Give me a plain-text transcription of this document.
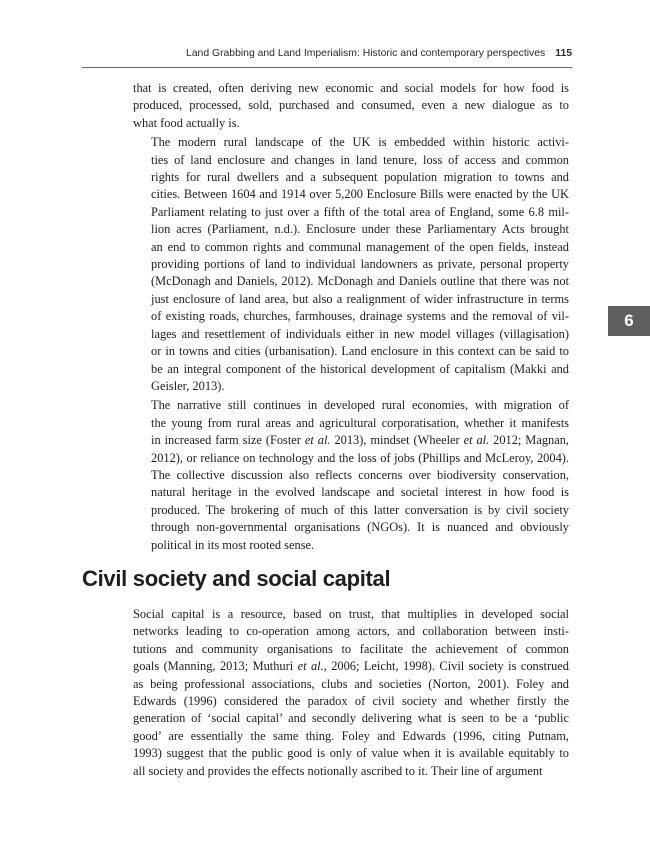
Land Grabbing and Land Imperialism: Historic and contemporary perspectives 115
6

that is created, often deriving new economic and social models for how food is
produced, processed, sold, purchased and consumed, even a new dialogue as to
what food actually is.

The modern rural landscape of the UK is embedded within historic activi-
ties of land enclosure and changes in land tenure, loss of access and common
rights for rural dwellers and a subsequent population migration to towns and
cities. Between 1604 and 1914 over 5,200 Enclosure Bills were enacted by the UK
Parliament relating to just over a fifth of the total area of England, some 6.8 mil-
lion acres (Parliament, n.d.). Enclosure under these Parliamentary Acts brought
an end to common rights and communal management of the open fields, instead
providing portions of land to individual landowners as private, personal property
(McDonagh and Daniels, 2012). McDonagh and Daniels outline that there was not
just enclosure of land area, but also a realignment of wider infrastructure in terms
of existing roads, churches, farmhouses, drainage systems and the removal of vil-
lages and resettlement of individuals either in new model villages (villagisation)
or in towns and cities (urbanisation). Land enclosure in this context can be said to
be an integral component of the historical development of capitalism (Makki and
Geisler, 2013).

The narrative still continues in developed rural economies, with migration of
the young from rural areas and agricultural corporatisation, whether it manifests
in increased farm size (Foster et al. 2013), mindset (Wheeler et al. 2012; Magnan,
2012), or reliance on technology and the loss of jobs (Phillips and McLeroy, 2004).
The collective discussion also reflects concerns over biodiversity conservation,
natural heritage in the evolved landscape and societal interest in how food is
produced. The brokering of much of this latter conversation is by civil society
through non-governmental organisations (NGOs). It is nuanced and obviously
political in its most rooted sense.

Civil society and social capital

Social capital is a resource, based on trust, that multiplies in developed social
networks leading to co-operation among actors, and collaboration between insti-
tutions and community organisations to facilitate the achievement of common
goals (Manning, 2013; Muthuri et al., 2006; Leicht, 1998). Civil society is construed
as being professional associations, clubs and societies (Norton, 2001). Foley and
Edwards (1996) considered the paradox of civil society and whether firstly the
generation of ‘social capital’ and secondly delivering what is seen to be a ‘public
good’ are essentially the same thing. Foley and Edwards (1996, citing Putnam,
1993) suggest that the public good is only of value when it is available equitably to
all society and provides the effects notionally ascribed to it. Their line of argument
